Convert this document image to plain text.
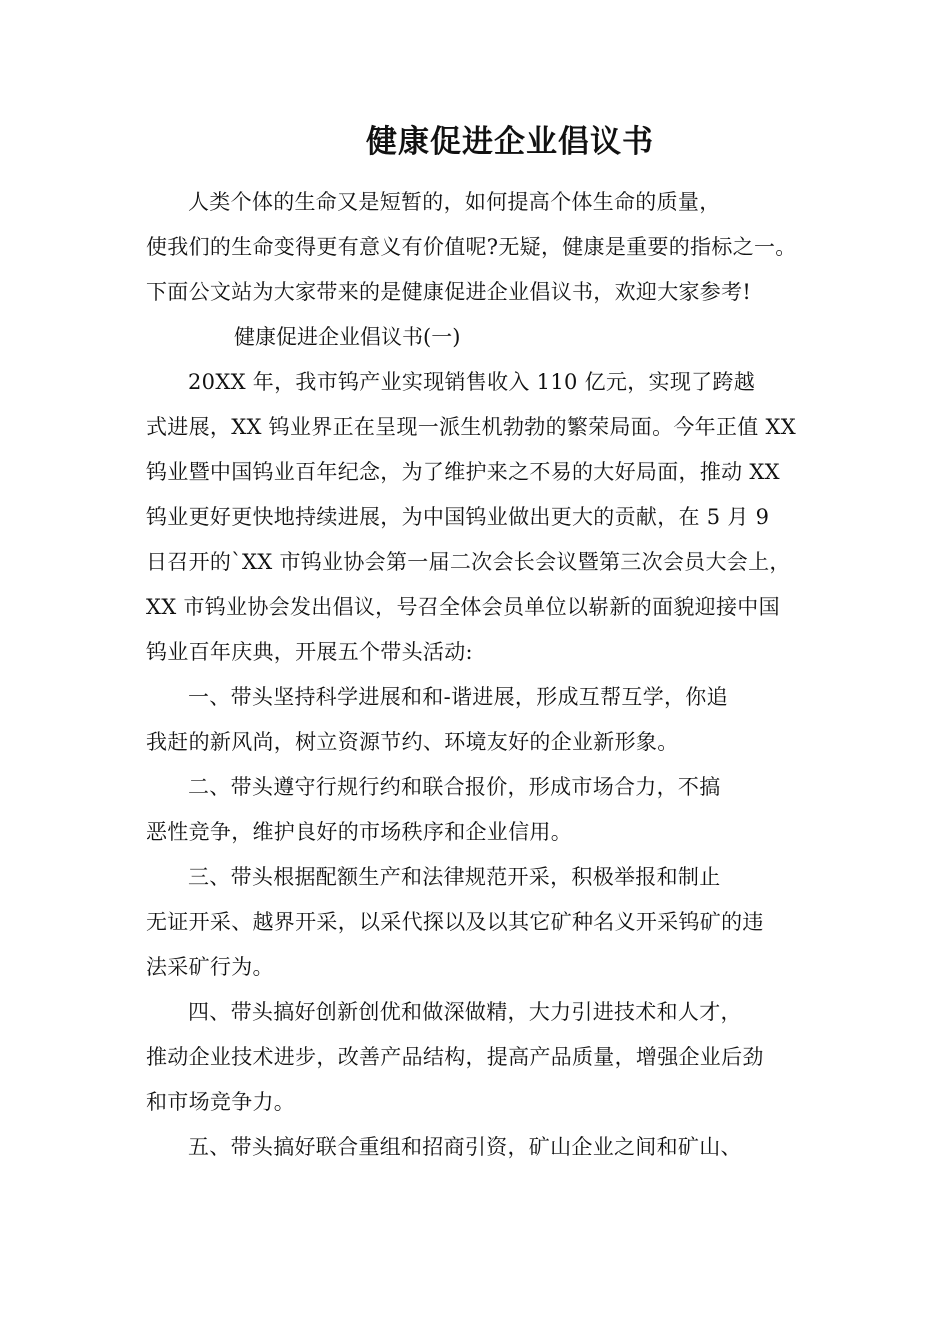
健康促进企业倡议书

人类个体的生命又是短暂的，如何提高个体生命的质量，
使我们的生命变得更有意义有价值呢?无疑，健康是重要的指标之一。
下面公文站为大家带来的是健康促进企业倡议书，欢迎大家参考!

健康促进企业倡议书(一)

20XX 年，我市钨产业实现销售收入 110 亿元，实现了跨越
式进展，XX 钨业界正在呈现一派生机勃勃的繁荣局面。今年正值 XX
钨业暨中国钨业百年纪念，为了维护来之不易的大好局面，推动 XX
钨业更好更快地持续进展，为中国钨业做出更大的贡献，在 5 月 9
日召开的`XX 市钨业协会第一届二次会长会议暨第三次会员大会上，
XX 市钨业协会发出倡议，号召全体会员单位以崭新的面貌迎接中国
钨业百年庆典，开展五个带头活动:

一、带头坚持科学进展和和-谐进展，形成互帮互学，你追
我赶的新风尚，树立资源节约、环境友好的企业新形象。

二、带头遵守行规行约和联合报价，形成市场合力，不搞
恶性竞争，维护良好的市场秩序和企业信用。

三、带头根据配额生产和法律规范开采，积极举报和制止
无证开采、越界开采，以采代探以及以其它矿种名义开采钨矿的违
法采矿行为。

四、带头搞好创新创优和做深做精，大力引进技术和人才，
推动企业技术进步，改善产品结构，提高产品质量，增强企业后劲
和市场竞争力。

五、带头搞好联合重组和招商引资，矿山企业之间和矿山、
